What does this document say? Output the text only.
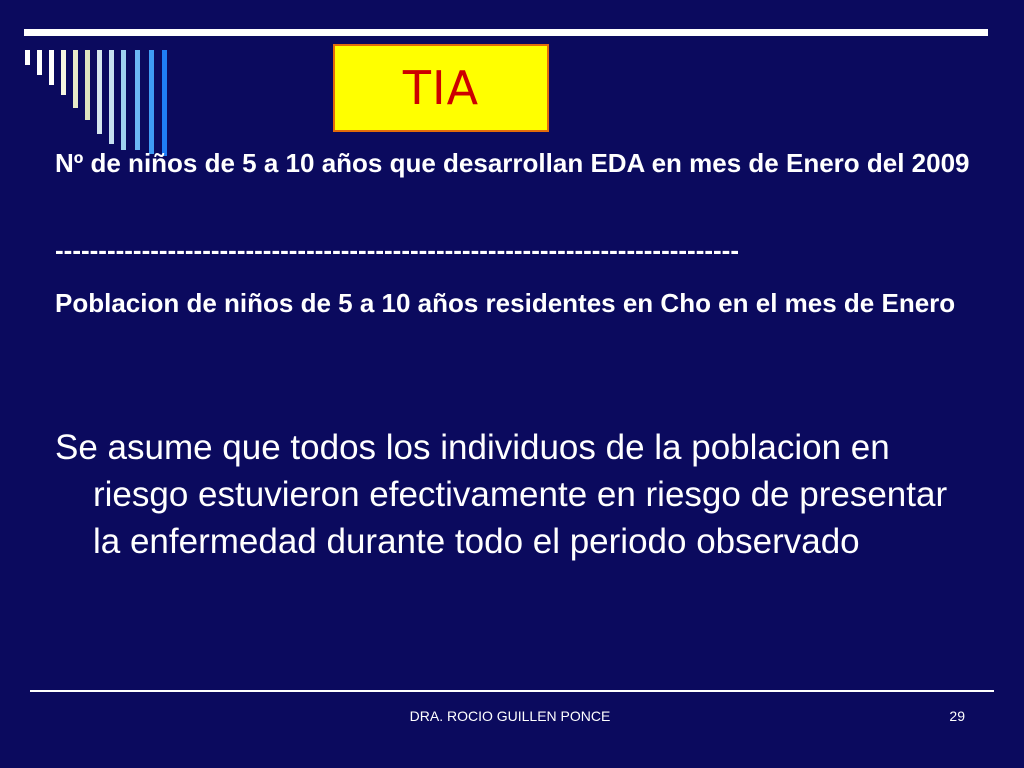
TIA
Nº de niños de 5 a 10 años que desarrollan EDA en mes de Enero del 2009
-------------------------------------------------------------------------------
Poblacion de niños de 5 a 10 años residentes en Cho en el mes de Enero
Se asume que todos los individuos de la poblacion en riesgo estuvieron efectivamente en riesgo de presentar la enfermedad durante todo el periodo observado
DRA. ROCIO GUILLEN PONCE	29
